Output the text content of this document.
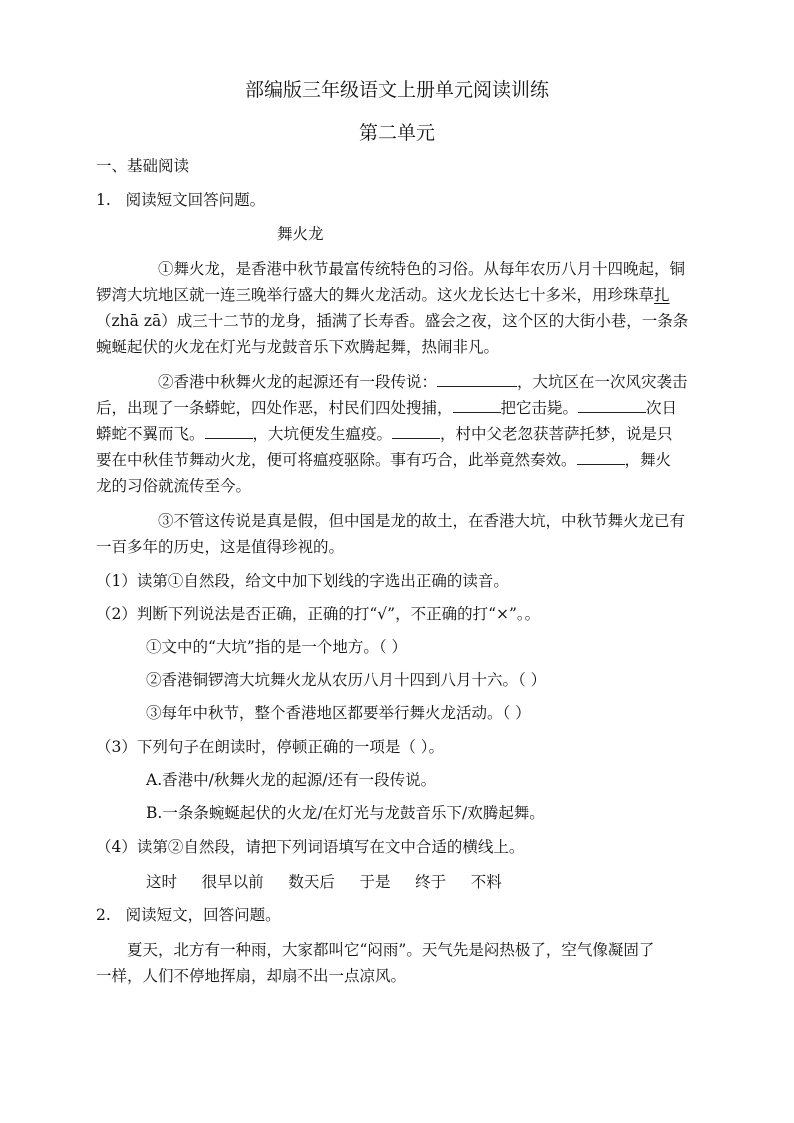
部编版三年级语文上册单元阅读训练
第二单元
一、基础阅读
1. 阅读短文回答问题。
舞火龙
①舞火龙，是香港中秋节最富传统特色的习俗。从每年农历八月十四晚起，铜
锣湾大坑地区就一连三晚举行盛大的舞火龙活动。这火龙长达七十多米，用珍珠草扎
（zhā zā）成三十二节的龙身，插满了长寿香。盛会之夜，这个区的大街小巷，一条条
蜿蜒起伏的火龙在灯光与龙鼓音乐下欢腾起舞，热闹非凡。
②香港中秋舞火龙的起源还有一段传说：	，大坑区在一次风灾袭击
后，出现了一条蟒蛇，四处作恶，村民们四处搜捕，	把它击毙。	次日
蟒蛇不翼而飞。	，大坑便发生瘟疫。	，村中父老忽获菩萨托梦，说是只
要在中秋佳节舞动火龙，便可将瘟疫驱除。事有巧合，此举竟然奏效。	，舞火
龙的习俗就流传至今。
③不管这传说是真是假，但中国是龙的故土，在香港大坑，中秋节舞火龙已有
一百多年的历史，这是值得珍视的。
（1）读第①自然段，给文中加下划线的字选出正确的读音。
（2）判断下列说法是否正确，正确的打“√”，不正确的打“×”。。
①文中的“大坑”指的是一个地方。（ ）
②香港铜锣湾大坑舞火龙从农历八月十四到八月十六。（ ）
③每年中秋节，整个香港地区都要举行舞火龙活动。（ ）
（3）下列句子在朗读时，停顿正确的一项是（ ）。
A.香港中/秋舞火龙的起源/还有一段传说。
B.一条条蜿蜒起伏的火龙/在灯光与龙鼓音乐下/欢腾起舞。
（4）读第②自然段，请把下列词语填写在文中合适的横线上。
这时 很早以前 数天后 于是 终于 不料
2. 阅读短文，回答问题。
夏天，北方有一种雨，大家都叫它“闷雨”。天气先是闷热极了，空气像凝固了
一样，人们不停地挥扇，却扇不出一点凉风。
